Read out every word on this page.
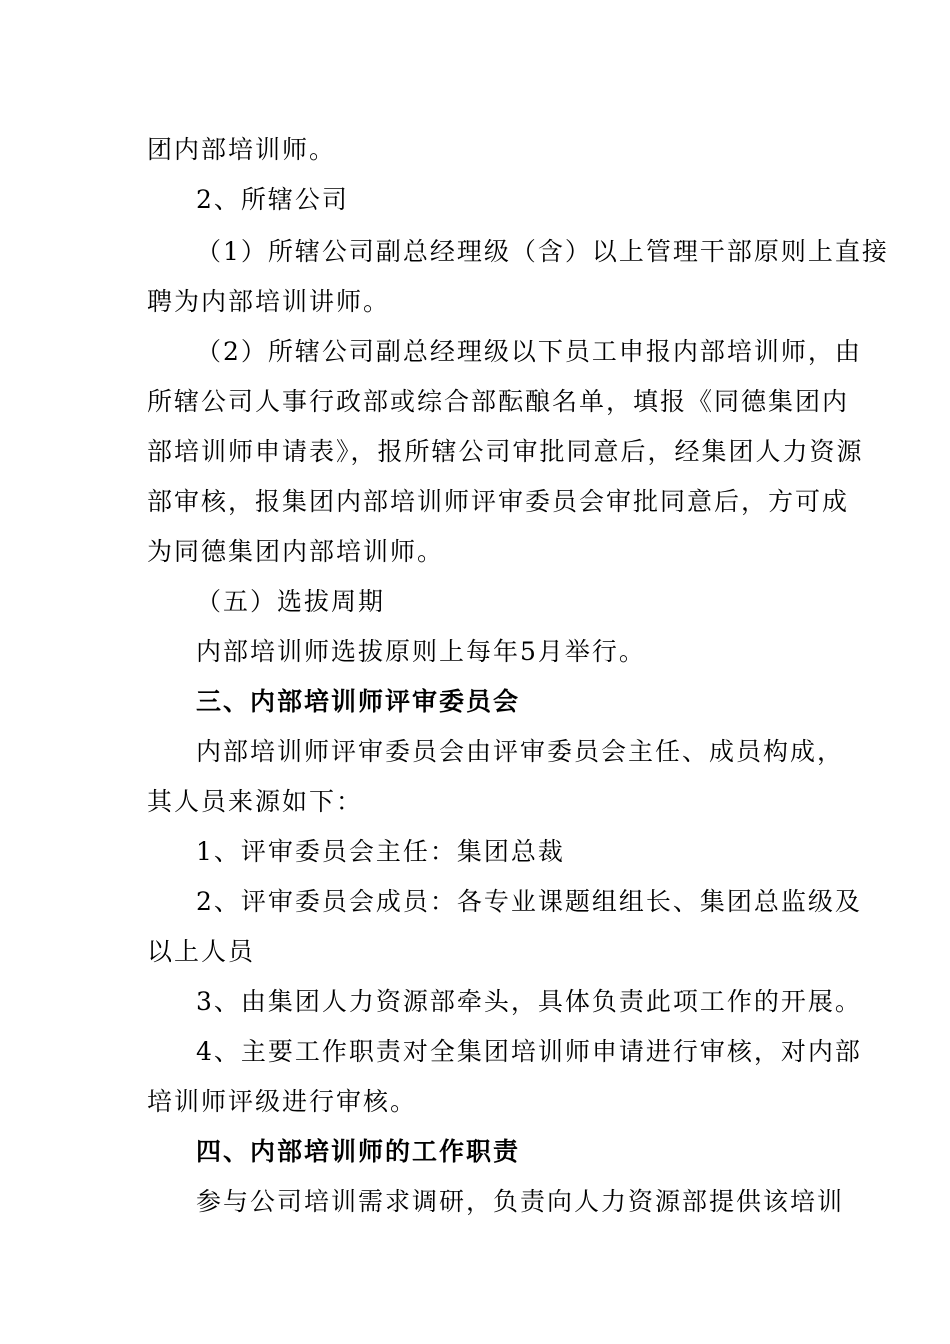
团内部培训师。
2、所辖公司
（1）所辖公司副总经理级（含）以上管理干部原则上直接
聘为内部培训讲师。
（2）所辖公司副总经理级以下员工申报内部培训师，由
所辖公司人事行政部或综合部酝酿名单，填报《同德集团内
部培训师申请表》，报所辖公司审批同意后，经集团人力资源
部审核，报集团内部培训师评审委员会审批同意后，方可成
为同德集团内部培训师。
（五）选拔周期
内部培训师选拔原则上每年5月举行。
三、内部培训师评审委员会
内部培训师评审委员会由评审委员会主任、成员构成，
其人员来源如下：
1、评审委员会主任：集团总裁
2、评审委员会成员：各专业课题组组长、集团总监级及
以上人员
3、由集团人力资源部牵头，具体负责此项工作的开展。
4、主要工作职责对全集团培训师申请进行审核，对内部
培训师评级进行审核。
四、内部培训师的工作职责
参与公司培训需求调研，负责向人力资源部提供该培训
